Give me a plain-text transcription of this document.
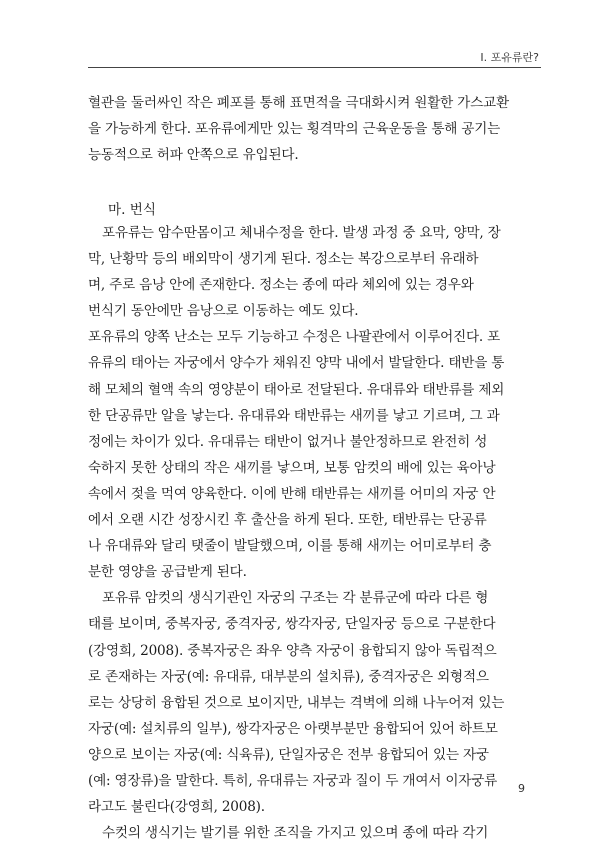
I. 포유류란?
혈관을 둘러싸인 작은 폐포를 통해 표면적을 극대화시켜 원활한 가스교환
을 가능하게 한다. 포유류에게만 있는 횡격막의 근육운동을 통해 공기는
능동적으로 허파 안쪽으로 유입된다.
마. 번식
포유류는 암수딴몸이고 체내수정을 한다. 발생 과정 중 요막, 양막, 장
막, 난황막 등의 배외막이 생기게 된다. 정소는 복강으로부터 유래하
며, 주로 음낭 안에 존재한다. 정소는 종에 따라 체외에 있는 경우와
번식기 동안에만 음낭으로 이동하는 예도 있다.
포유류의 양쪽 난소는 모두 기능하고 수정은 나팔관에서 이루어진다. 포
유류의 태아는 자궁에서 양수가 채워진 양막 내에서 발달한다. 태반을 통
해 모체의 혈액 속의 영양분이 태아로 전달된다. 유대류와 태반류를 제외
한 단공류만 알을 낳는다. 유대류와 태반류는 새끼를 낳고 기르며, 그 과
정에는 차이가 있다. 유대류는 태반이 없거나 불안정하므로 완전히 성
숙하지 못한 상태의 작은 새끼를 낳으며, 보통 암컷의 배에 있는 육아낭
속에서 젖을 먹여 양육한다. 이에 반해 태반류는 새끼를 어미의 자궁 안
에서 오랜 시간 성장시킨 후 출산을 하게 된다. 또한, 태반류는 단공류
나 유대류와 달리 탯줄이 발달했으며, 이를 통해 새끼는 어미로부터 충
분한 영양을 공급받게 된다.
포유류 암컷의 생식기관인 자궁의 구조는 각 분류군에 따라 다른 형
태를 보이며, 중복자궁, 중격자궁, 쌍각자궁, 단일자궁 등으로 구분한다
(강영희, 2008). 중복자궁은 좌우 양측 자궁이 융합되지 않아 독립적으
로 존재하는 자궁(예: 유대류, 대부분의 설치류), 중격자궁은 외형적으
로는 상당히 융합된 것으로 보이지만, 내부는 격벽에 의해 나누어져 있는
자궁(예: 설치류의 일부), 쌍각자궁은 아랫부분만 융합되어 있어 하트모
양으로 보이는 자궁(예: 식육류), 단일자궁은 전부 융합되어 있는 자궁
(예: 영장류)을 말한다. 특히, 유대류는 자궁과 질이 두 개여서 이자궁류
라고도 불린다(강영희, 2008).
수컷의 생식기는 발기를 위한 조직을 가지고 있으며 종에 따라 각기
9
